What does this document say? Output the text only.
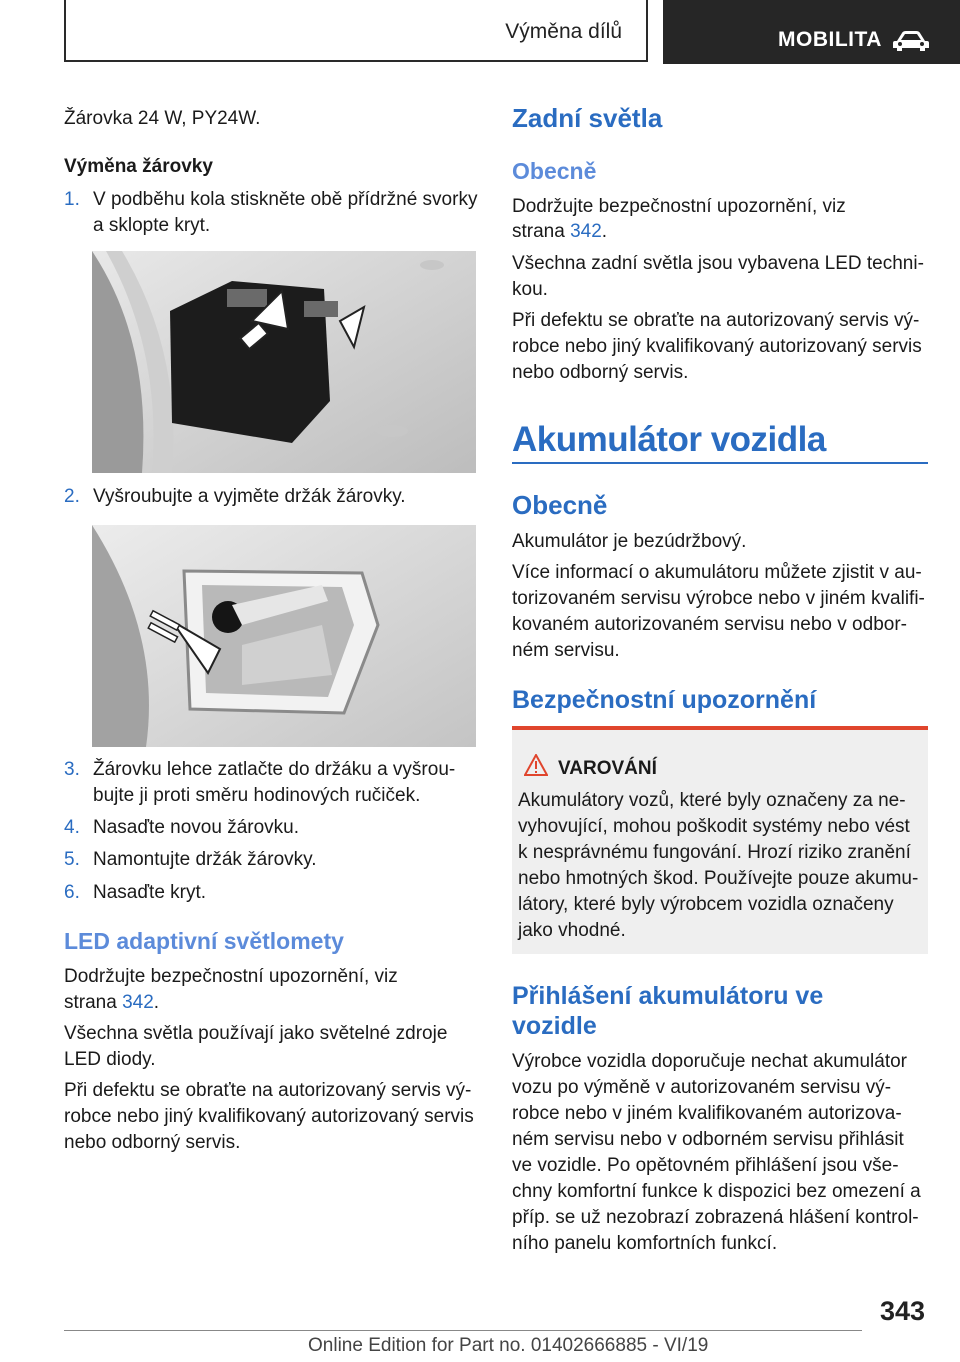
Výměna dílů	MOBILITA

Žárovka 24 W, PY24W.

Výměna žárovky

1. V podběhu kola stiskněte obě přídržné svorky

a sklopte kryt.

2. Vyšroubujte a vyjměte držák žárovky.

3. Žárovku lehce zatlačte do držáku a vyšrou-

bujte ji proti směru hodinových ručiček.

4. Nasaďte novou žárovku.

5. Namontujte držák žárovky.

6. Nasaďte kryt.

LED adaptivní světlomety

Dodržujte bezpečnostní upozornění, viz

strana 342.

Všechna světla používají jako světelné zdroje

LED diody.

Při defektu se obraťte na autorizovaný servis vý-

robce nebo jiný kvalifikovaný autorizovaný servis

nebo odborný servis.

Zadní světla
Obecně

Dodržujte bezpečnostní upozornění, viz

strana 342.

Všechna zadní světla jsou vybavena LED techni-

kou.

Při defektu se obraťte na autorizovaný servis vý-

robce nebo jiný kvalifikovaný autorizovaný servis

nebo odborný servis.

Akumulátor vozidla
Obecně

Akumulátor je bezúdržbový.

Více informací o akumulátoru můžete zjistit v au-

torizovaném servisu výrobce nebo v jiném kvalifi-

kovaném autorizovaném servisu nebo v odbor-

ném servisu.

Bezpečnostní upozornění
VAROVÁNÍ

Akumulátory vozů, které byly označeny za ne-

vyhovující, mohou poškodit systémy nebo vést

k nesprávnému fungování. Hrozí riziko zranění

nebo hmotných škod. Používejte pouze akumu-

látory, které byly výrobcem vozidla označeny

jako vhodné.

Přihlášení akumulátoru ve
vozidle

Výrobce vozidla doporučuje nechat akumulátor

vozu po výměně v autorizovaném servisu vý-

robce nebo v jiném kvalifikovaném autorizova-

ném servisu nebo v odborném servisu přihlásit

ve vozidle. Po opětovném přihlášení jsou vše-

chny komfortní funkce k dispozici bez omezení a

příp. se už nezobrazí zobrazená hlášení kontrol-

ního panelu komfortních funkcí.

343
Online Edition for Part no. 01402666885 - VI/19
